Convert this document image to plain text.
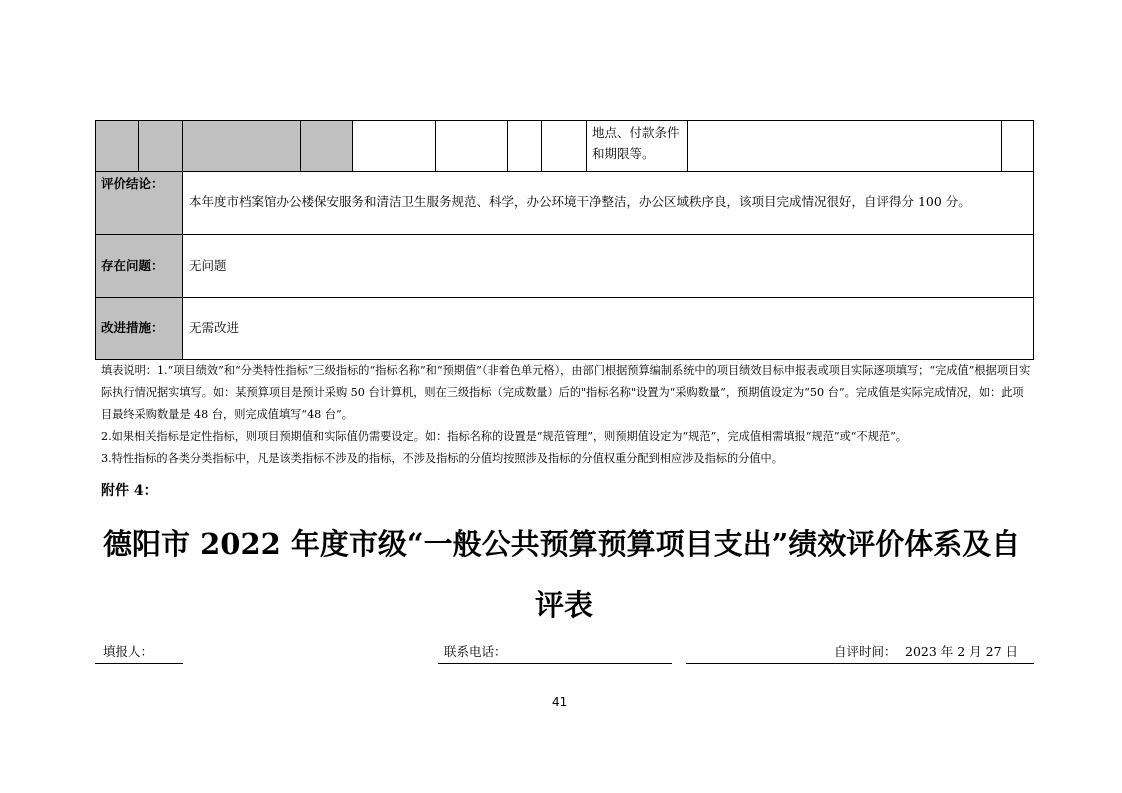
地点、付款条件
和期限等。
评价结论：
本年度市档案馆办公楼保安服务和清洁卫生服务规范、科学，办公环境干净整洁，办公区域秩序良，该项目完成情况很好，自评得分 100 分。
存在问题： 无问题
改进措施： 无需改进
填表说明：1.“项目绩效”和“分类特性指标”三级指标的“指标名称”和“预期值”（非着色单元格），由部门根据预算编制系统中的项目绩效目标申报表或项目实际逐项填写；“完成值”根据项目实际执行情况据实填写。如：某预算项目是预计采购 50 台计算机，则在三级指标（完成数量）后的"指标名称"设置为“采购数量”，预期值设定为“50 台”。完成值是实际完成情况，如：此项目最终采购数量是 48 台，则完成值填写“48 台”。
2.如果相关指标是定性指标，则项目预期值和实际值仍需要设定。如：指标名称的设置是“规范管理”，则预期值设定为“规范”，完成值相需填报“规范”或“不规范”。
3.特性指标的各类分类指标中，凡是该类指标不涉及的指标，不涉及指标的分值均按照涉及指标的分值权重分配到相应涉及指标的分值中。
附件 4：
德阳市 2022 年度市级“一般公共预算预算项目支出”绩效评价体系及自
评表
填报人：	联系电话：	自评时间： 2023 年 2 月 27 日
41
